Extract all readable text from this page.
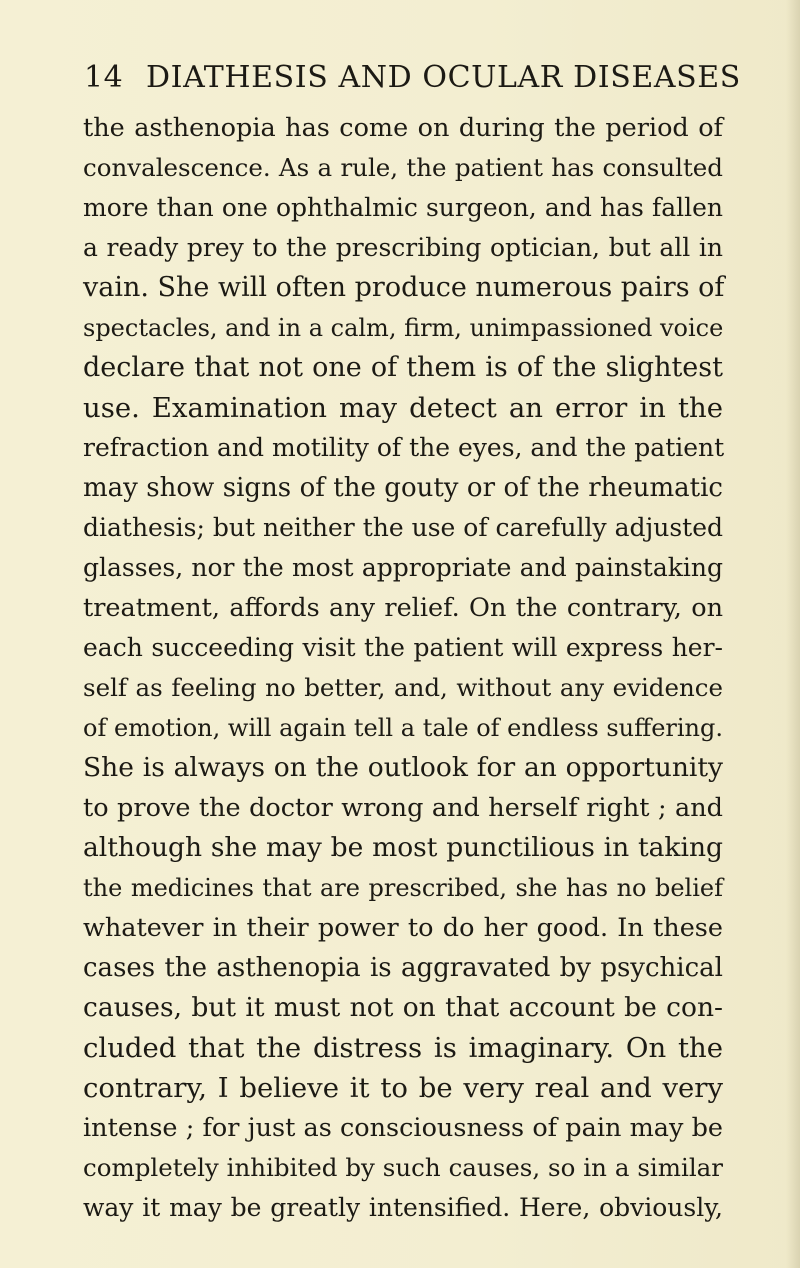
14 DIATHESIS AND OCULAR DISEASES
the asthenopia has come on during the period of
convalescence. As a rule, the patient has consulted
more than one ophthalmic surgeon, and has fallen
a ready prey to the prescribing optician, but all in
vain. She will often produce numerous pairs of
spectacles, and in a calm, firm, unimpassioned voice
declare that not one of them is of the slightest
use. Examination may detect an error in the
refraction and motility of the eyes, and the patient
may show signs of the gouty or of the rheumatic
diathesis; but neither the use of carefully adjusted
glasses, nor the most appropriate and painstaking
treatment, affords any relief. On the contrary, on
each succeeding visit the patient will express her-
self as feeling no better, and, without any evidence
of emotion, will again tell a tale of endless suffering.
She is always on the outlook for an opportunity
to prove the doctor wrong and herself right ; and
although she may be most punctilious in taking
the medicines that are prescribed, she has no belief
whatever in their power to do her good. In these
cases the asthenopia is aggravated by psychical
causes, but it must not on that account be con-
cluded that the distress is imaginary. On the
contrary, I believe it to be very real and very
intense ; for just as consciousness of pain may be
completely inhibited by such causes, so in a similar
way it may be greatly intensified. Here, obviously,
